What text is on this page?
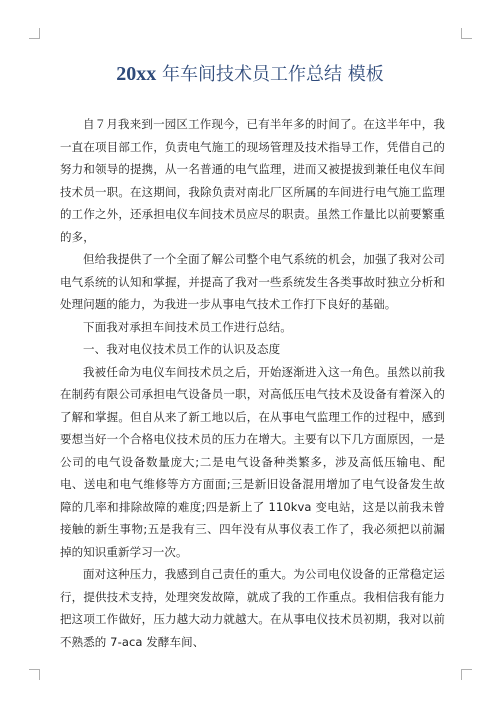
20xx 年车间技术员工作总结 模板

自７月我来到一园区工作现今，已有半年多的时间了。在这半年中，我一直在项目部工作，负责电气施工的现场管理及技术指导工作，凭借自己的努力和领导的提携，从一名普通的电气监理，进而又被提拔到兼任电仪车间技术员一职。在这期间，我除负责对南北厂区所属的车间进行电气施工监理的工作之外，还承担电仪车间技术员应尽的职责。虽然工作量比以前要繁重的多，

但给我提供了一个全面了解公司整个电气系统的机会，加强了我对公司电气系统的认知和掌握，并提高了我对一些系统发生各类事故时独立分析和处理问题的能力，为我进一步从事电气技术工作打下良好的基础。

下面我对承担车间技术员工作进行总结。

一、我对电仪技术员工作的认识及态度

我被任命为电仪车间技术员之后，开始逐渐进入这一角色。虽然以前我在制药有限公司承担电气设备员一职，对高低压电气技术及设备有着深入的了解和掌握。但自从来了新工地以后，在从事电气监理工作的过程中，感到要想当好一个合格电仪技术员的压力在增大。主要有以下几方面原因，一是公司的电气设备数量庞大;二是电气设备种类繁多，涉及高低压输电、配电、送电和电气维修等方方面面;三是新旧设备混用增加了电气设备发生故障的几率和排除故障的难度;四是新上了 110kva 变电站，这是以前我未曾接触的新生事物;五是我有三、四年没有从事仪表工作了，我必须把以前漏掉的知识重新学习一次。

面对这种压力，我感到自己责任的重大。为公司电仪设备的正常稳定运行，提供技术支持，处理突发故障，就成了我的工作重点。我相信我有能力把这项工作做好，压力越大动力就越大。在从事电仪技术员初期，我对以前不熟悉的 7-aca 发酵车间、
